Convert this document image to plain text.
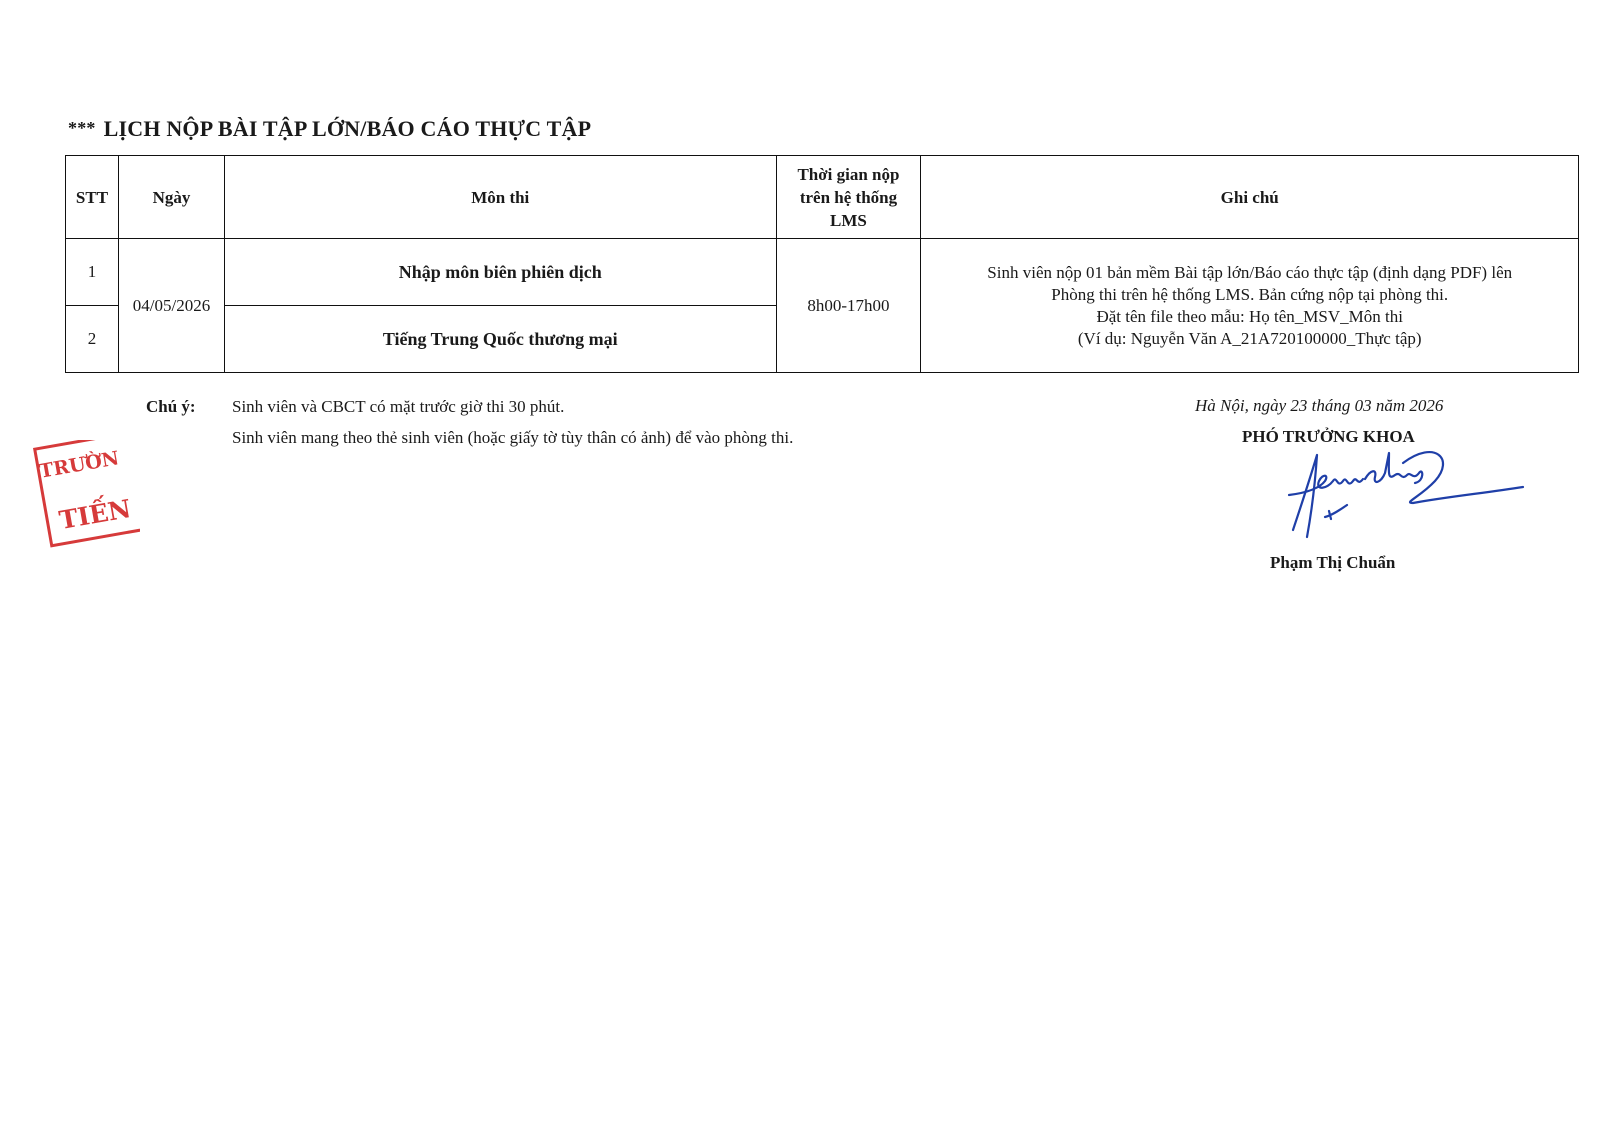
*** LỊCH NỘP BÀI TẬP LỚN/BÁO CÁO THỰC TẬP
STT	Ngày	Môn thi	Thời gian nộp
trên hệ thống
LMS	Ghi chú
1	04/05/2026	Nhập môn biên phiên dịch	8h00-17h00	Sinh viên nộp 01 bản mềm Bài tập lớn/Báo cáo thực tập (định dạng PDF) lên
Phòng thi trên hệ thống LMS. Bản cứng nộp tại phòng thi.
Đặt tên file theo mẫu: Họ tên_MSV_Môn thi
(Ví dụ: Nguyễn Văn A_21A720100000_Thực tập)

2		Tiếng Trung Quốc thương mại		
Chú ý: Sinh viên và CBCT có mặt trước giờ thi 30 phút.
Sinh viên mang theo thẻ sinh viên (hoặc giấy tờ tùy thân có ảnh) để vào phòng thi.
Hà Nội, ngày 23 tháng 03 năm 2026
PHÓ TRƯỞNG KHOA
Phạm Thị Chuẩn
TRƯỜN
TIẾN
